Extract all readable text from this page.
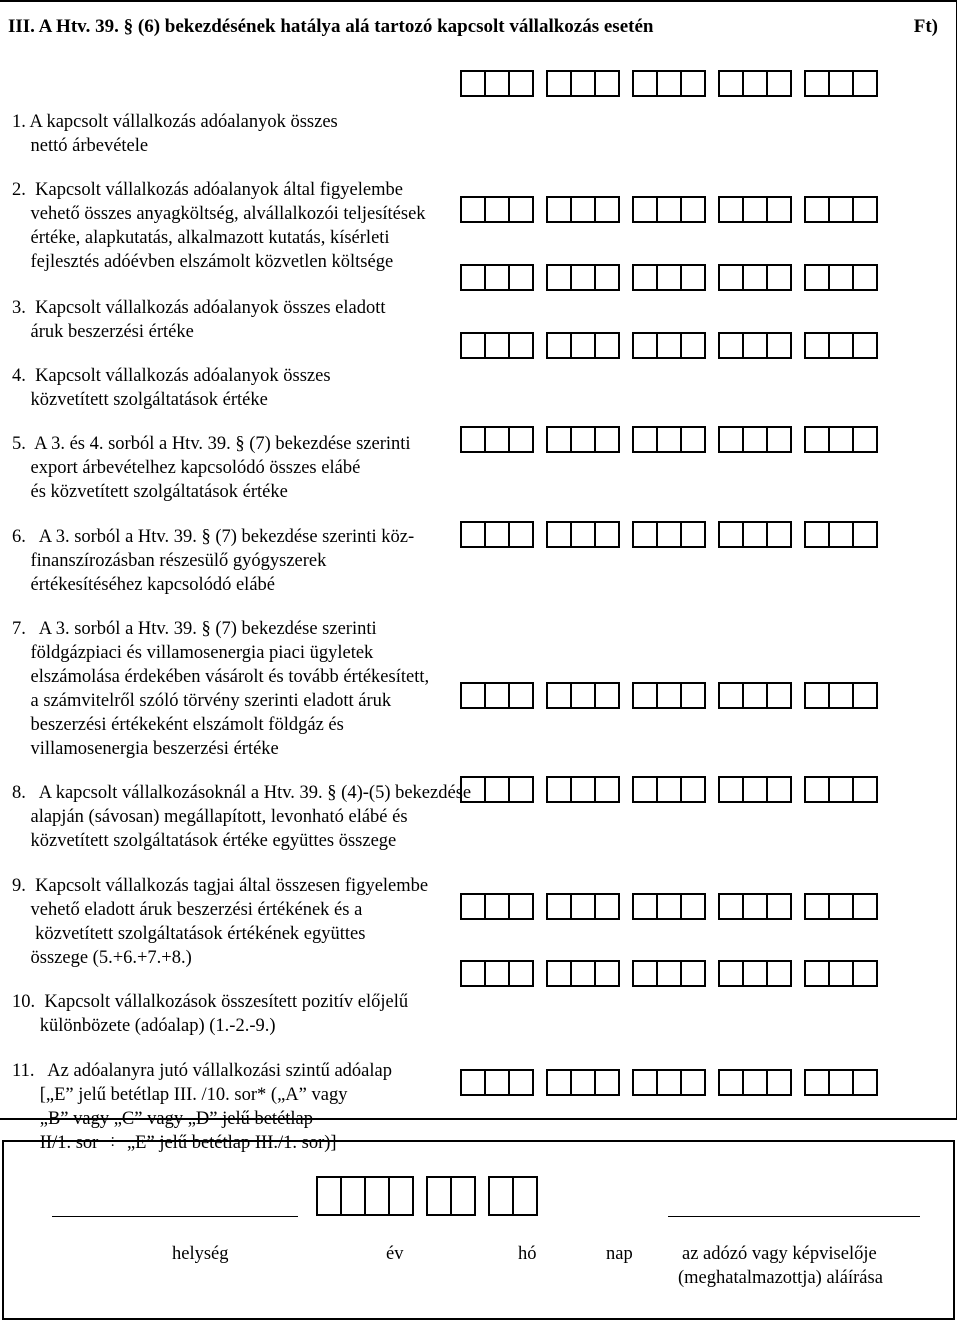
III. A Htv. 39. § (6) bekezdésének hatálya alá tartozó kapcsolt vállalkozás esetén	Ft)

1. A kapcsolt vállalkozás adóalanyok összes
nettó árbevétele

2.  Kapcsolt vállalkozás adóalanyok által figyelembe
vehető összes anyagköltség, alvállalkozói teljesítések
értéke, alapkutatás, alkalmazott kutatás, kísérleti
fejlesztés adóévben elszámolt közvetlen költsége

3.  Kapcsolt vállalkozás adóalanyok összes eladott
áruk beszerzési értéke

4.  Kapcsolt vállalkozás adóalanyok összes
közvetített szolgáltatások értéke

5.  A 3. és 4. sorból a Htv. 39. § (7) bekezdése szerinti
export árbevételhez kapcsolódó összes elábé
és közvetített szolgáltatások értéke

6.   A 3. sorból a Htv. 39. § (7) bekezdése szerinti köz-
finanszírozásban részesülő gyógyszerek
értékesítéséhez kapcsolódó elábé

7.   A 3. sorból a Htv. 39. § (7) bekezdése szerinti
földgázpiaci és villamosenergia piaci ügyletek
elszámolása érdekében vásárolt és tovább értékesített,
a számvitelről szóló törvény szerinti eladott áruk
beszerzési értékeként elszámolt földgáz és
villamosenergia beszerzési értéke

8.   A kapcsolt vállalkozásoknál a Htv. 39. § (4)-(5) bekezdése
alapján (sávosan) megállapított, levonható elábé és
közvetített szolgáltatások értéke együttes összege

9.  Kapcsolt vállalkozás tagjai által összesen figyelembe
vehető eladott áruk beszerzési értékének és a
közvetített szolgáltatások értékének együttes
összege (5.+6.+7.+8.)

10.  Kapcsolt vállalkozások összesített pozitív előjelű
különbözete (adóalap) (1.-2.-9.)

11.   Az adóalanyra jutó vállalkozási szintű adóalap
[„E” jelű betétlap III. /10. sor* („A” vagy
„B” vagy „C” vagy „D” jelű betétlap
II/1. sor  ÷  „E” jelű betétlap III./1. sor)]

helység	év	hó	nap	az adózó vagy képviselője
(meghatalmazottja) aláírása
